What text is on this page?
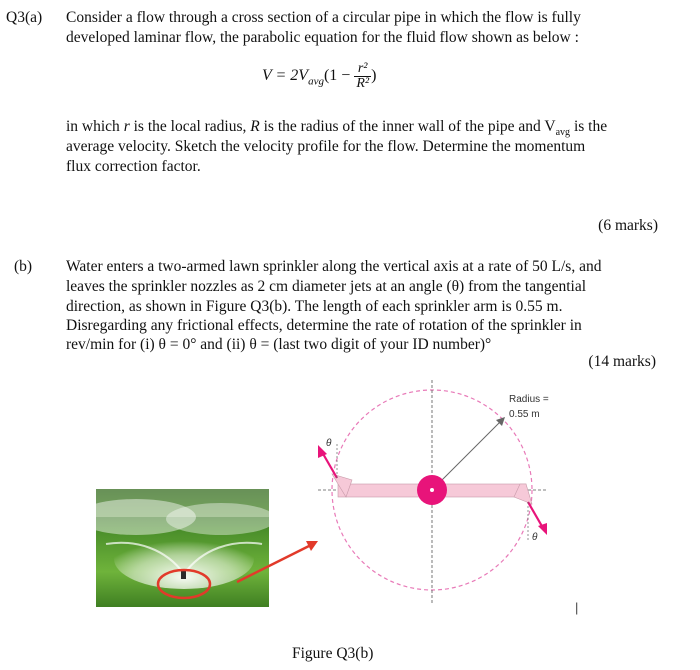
Q3(a) Consider a flow through a cross section of a circular pipe in which the flow is fully
developed laminar flow, the parabolic equation for the fluid flow shown as below :
$V = 2V_{avg}(1 - \frac{\text{r²}}{\text{R²}}$ )
in which r is the local radius, R is the radius of the inner wall of the pipe and $V_{avg}$ is the
average velocity. Sketch the velocity profile for the flow. Determine the momentum
flux correction factor.
(6 marks)
(b) Water enters a two-armed lawn sprinkler along the vertical axis at a rate of 50 L/s, and
leaves the sprinkler nozzles as 2 cm diameter jets at an angle (θ) from the tangential
direction, as shown in Figure Q3(b). The length of each sprinkler arm is 0.55 m.
Disregarding any frictional effects, determine the rate of rotation of the sprinkler in
rev/min for (i) θ = 0° and (ii) θ = (last two digit of your ID number)°
(14 marks)
Radius =
0.55 m
θ
θ
|
Figure Q3(b)
